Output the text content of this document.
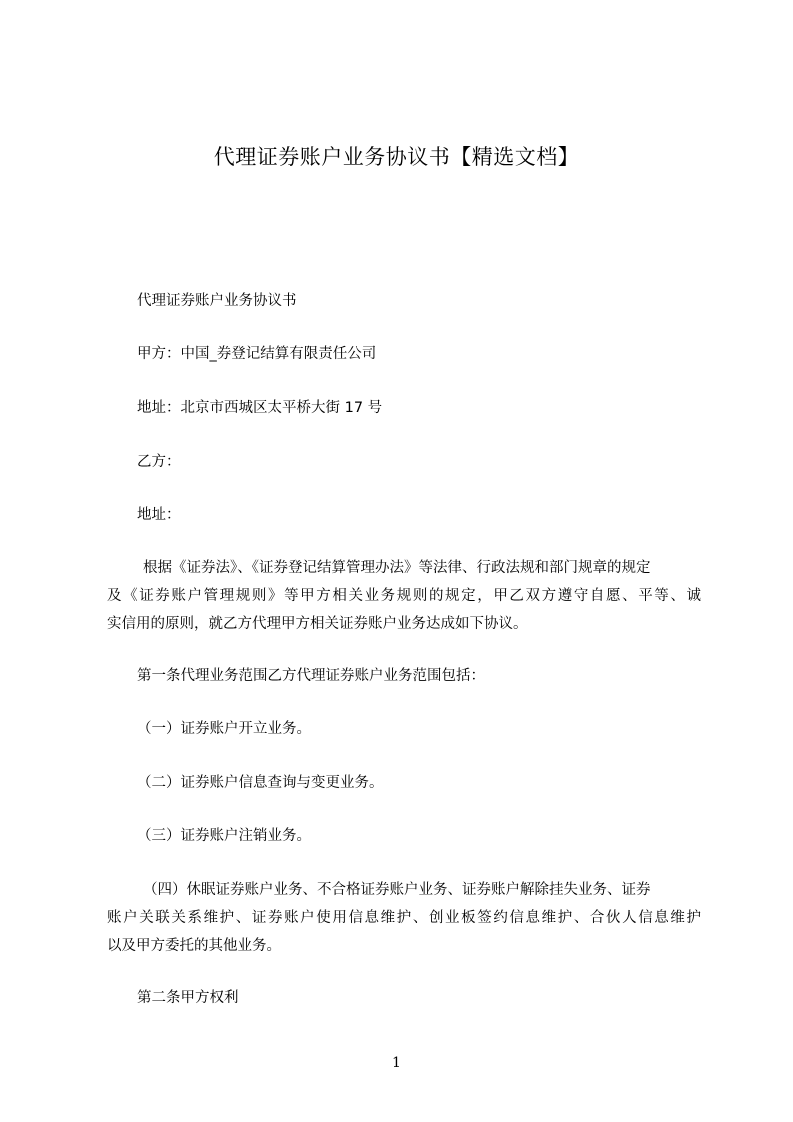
代理证券账户业务协议书【精选文档】

代理证券账户业务协议书

甲方：中国_券登记结算有限责任公司

地址：北京市西城区太平桥大街 17 号

乙方：

地址：

根据《证券法》、《证券登记结算管理办法》等法律、行政法规和部门规章的规定
及《证券账户管理规则》等甲方相关业务规则的规定，甲乙双方遵守自愿、平等、诚
实信用的原则，就乙方代理甲方相关证券账户业务达成如下协议。

第一条代理业务范围乙方代理证券账户业务范围包括：

（一）证券账户开立业务。

（二）证券账户信息查询与变更业务。

（三）证券账户注销业务。

（四）休眠证券账户业务、不合格证券账户业务、证券账户解除挂失业务、证券
账户关联关系维护、证券账户使用信息维护、创业板签约信息维护、合伙人信息维护
以及甲方委托的其他业务。

第二条甲方权利

1
